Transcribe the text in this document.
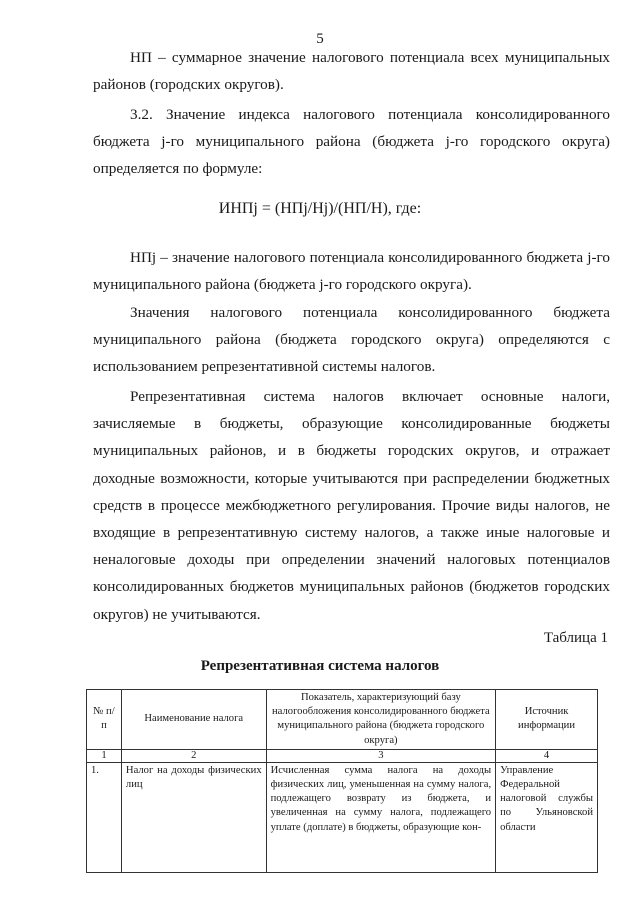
5

НП – суммарное значение налогового потенциала всех муниципальных районов (городских округов).

3.2. Значение индекса налогового потенциала консолидированного бюджета j-го муниципального района (бюджета j-го городского округа) определяется по формуле:

ИНПj = (НПj/Hj)/(НП/Н), где:

НПj – значение налогового потенциала консолидированного бюджета j-го муниципального района (бюджета j-го городского округа).

Значения налогового потенциала консолидированного бюджета муниципального района (бюджета городского округа) определяются с использованием репрезентативной системы налогов.

Репрезентативная система налогов включает основные налоги, зачисляемые в бюджеты, образующие консолидированные бюджеты муниципальных районов, и в бюджеты городских округов, и отражает доходные возможности, которые учитываются при распределении бюджетных средств в процессе межбюджетного регулирования. Прочие виды налогов, не входящие в репрезентативную систему налогов, а также иные налоговые и неналоговые доходы при определении значений налоговых потенциалов консолидированных бюджетов муниципальных районов (бюджетов городских округов) не учитываются.

Таблица 1
Репрезентативная система налогов
№ п/п	Наименование налога	Показатель, характеризующий базу налогообложения консолидированного бюджета муниципального района (бюджета городского округа)	Источник информации
1	2	3	4
1.	Налог на доходы физических лиц	Исчисленная сумма налога на доходы физических лиц, уменьшенная на сумму налога, подлежащего возврату из бюджета, и увеличенная на сумму налога, подлежащего уплате (доплате) в бюджеты, образующие кон-	Управление Федеральной налоговой службы по Ульяновской области
